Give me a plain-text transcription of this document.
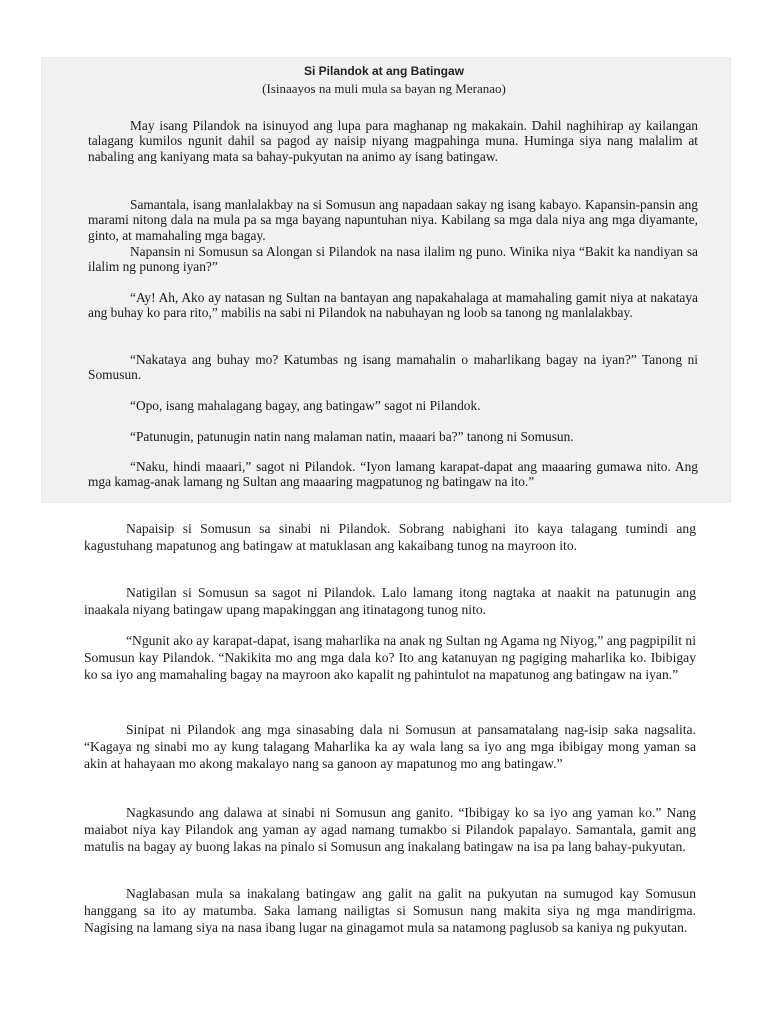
Si Pilandok at ang Batingaw
(Isinaayos na muli mula sa bayan ng Meranao)

May isang Pilandok na isinuyod ang lupa para maghanap ng makakain. Dahil naghihirap ay kailangan talagang kumilos ngunit dahil sa pagod ay naisip niyang magpahinga muna. Huminga siya nang malalim at nabaling ang kaniyang mata sa bahay-pukyutan na animo ay isang batingaw.

Samantala, isang manlalakbay na si Somusun ang napadaan sakay ng isang kabayo. Kapansin-pansin ang marami nitong dala na mula pa sa mga bayang napuntuhan niya. Kabilang sa mga dala niya ang mga diyamante, ginto, at mamahaling mga bagay.

Napansin ni Somusun sa Alongan si Pilandok na nasa ilalim ng puno. Winika niya “Bakit ka nandiyan sa ilalim ng punong iyan?”

“Ay! Ah, Ako ay natasan ng Sultan na bantayan ang napakahalaga at mamahaling gamit niya at nakataya ang buhay ko para rito,” mabilis na sabi ni Pilandok na nabuhayan ng loob sa tanong ng manlalakbay.

“Nakataya ang buhay mo? Katumbas ng isang mamahalin o maharlikang bagay na iyan?” Tanong ni Somusun.

“Opo, isang mahalagang bagay, ang batingaw” sagot ni Pilandok.

“Patunugin, patunugin natin nang malaman natin, maaari ba?” tanong ni Somusun.

“Naku, hindi maaari,” sagot ni Pilandok. “Iyon lamang karapat-dapat ang maaaring gumawa nito. Ang mga kamag-anak lamang ng Sultan ang maaaring magpatunog ng batingaw na ito.”

Napaisip si Somusun sa sinabi ni Pilandok. Sobrang nabighani ito kaya talagang tumindi ang kagustuhang mapatunog ang batingaw at matuklasan ang kakaibang tunog na mayroon ito.

Natigilan si Somusun sa sagot ni Pilandok. Lalo lamang itong nagtaka at naakit na patunugin ang inaakala niyang batingaw upang mapakinggan ang itinatagong tunog nito.

“Ngunit ako ay karapat-dapat, isang maharlika na anak ng Sultan ng Agama ng Niyog,” ang pagpipilit ni Somusun kay Pilandok. “Nakikita mo ang mga dala ko? Ito ang katanuyan ng pagiging maharlika ko. Ibibigay ko sa iyo ang mamahaling bagay na mayroon ako kapalit ng pahintulot na mapatunog ang batingaw na iyan.”

Sinipat ni Pilandok ang mga sinasabing dala ni Somusun at pansamatalang nag-isip saka nagsalita. “Kagaya ng sinabi mo ay kung talagang Maharlika ka ay wala lang sa iyo ang mga ibibigay mong yaman sa akin at hahayaan mo akong makalayo nang sa ganoon ay mapatunog mo ang batingaw.”

Nagkasundo ang dalawa at sinabi ni Somusun ang ganito. “Ibibigay ko sa iyo ang yaman ko.” Nang maiabot niya kay Pilandok ang yaman ay agad namang tumakbo si Pilandok papalayo. Samantala, gamit ang matulis na bagay ay buong lakas na pinalo si Somusun ang inakalang batingaw na isa pa lang bahay-pukyutan.

Naglabasan mula sa inakalang batingaw ang galit na galit na pukyutan na sumugod kay Somusun hanggang sa ito ay matumba. Saka lamang nailigtas si Somusun nang makita siya ng mga mandirigma. Nagising na lamang siya na nasa ibang lugar na ginagamot mula sa natamong paglusob sa kaniya ng pukyutan.
